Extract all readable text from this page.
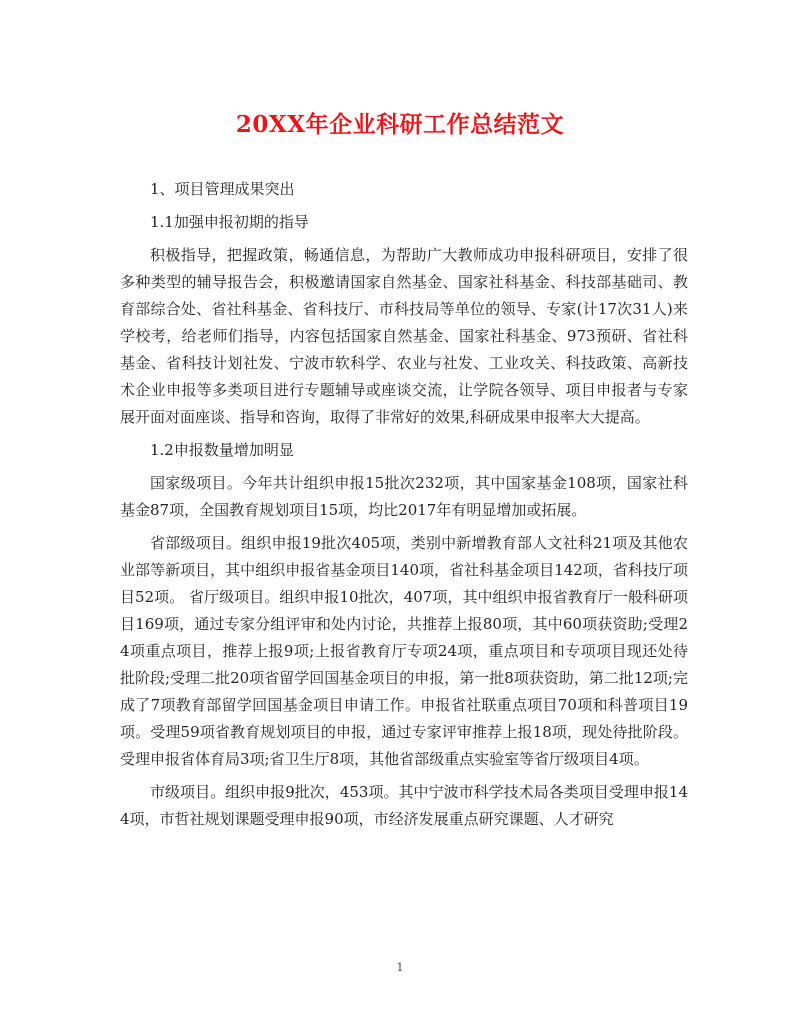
20XX年企业科研工作总结范文

1、项目管理成果突出

1.1加强申报初期的指导

积极指导，把握政策，畅通信息，为帮助广大教师成功申报科研项目，安排了很多种类型的辅导报告会，积极邀请国家自然基金、国家社科基金、科技部基础司、教育部综合处、省社科基金、省科技厅、市科技局等单位的领导、专家(计17次31人)来学校考，给老师们指导，内容包括国家自然基金、国家社科基金、973预研、省社科基金、省科技计划社发、宁波市软科学、农业与社发、工业攻关、科技政策、高新技术企业申报等多类项目进行专题辅导或座谈交流，让学院各领导、项目申报者与专家展开面对面座谈、指导和咨询，取得了非常好的效果,科研成果申报率大大提高。

1.2申报数量增加明显

国家级项目。今年共计组织申报15批次232项，其中国家基金108项，国家社科基金87项，全国教育规划项目15项，均比2017年有明显增加或拓展。

省部级项目。组织申报19批次405项，类别中新增教育部人文社科21项及其他农业部等新项目，其中组织申报省基金项目140项，省社科基金项目142项，省科技厅项目52项。 省厅级项目。组织申报10批次，407项，其中组织申报省教育厅一般科研项目169项，通过专家分组评审和处内讨论，共推荐上报80项，其中60项获资助;受理24项重点项目，推荐上报9项;上报省教育厅专项24项，重点项目和专项项目现还处待批阶段;受理二批20项省留学回国基金项目的申报，第一批8项获资助，第二批12项;完成了7项教育部留学回国基金项目申请工作。申报省社联重点项目70项和科普项目19项。受理59项省教育规划项目的申报，通过专家评审推荐上报18项，现处待批阶段。受理申报省体育局3项;省卫生厅8项，其他省部级重点实验室等省厅级项目4项。

市级项目。组织申报9批次，453项。其中宁波市科学技术局各类项目受理申报144项，市哲社规划课题受理申报90项，市经济发展重点研究课题、人才研究

1
